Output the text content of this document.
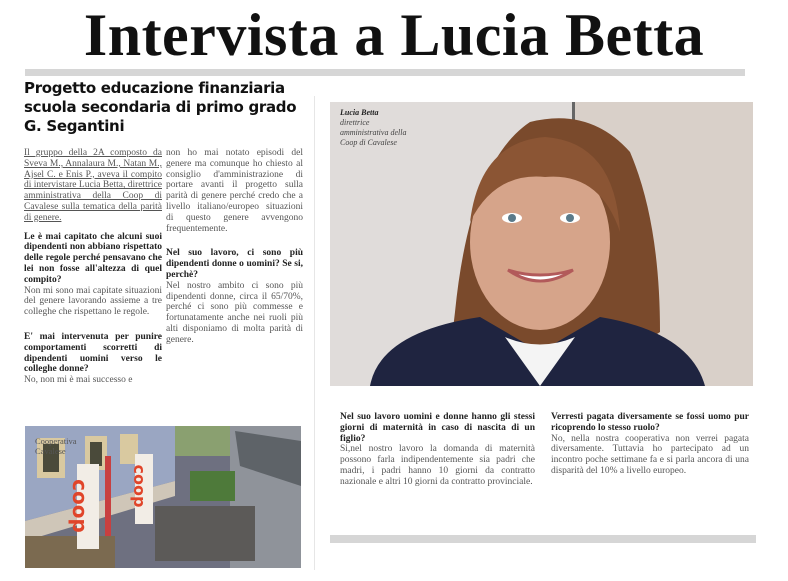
Intervista a Lucia Betta
Progetto educazione finanziaria
scuola secondaria di primo grado
G. Segantini

Il gruppo della 2A composto da Sveva M., Annalaura M., Natan M., Ajsel C. e Enis P., aveva il compito di intervistare Lucia Betta, direttrice amministrativa della Coop di Cavalese sulla tematica della parità di genere.

Le è mai capitato che alcuni suoi dipendenti non abbiano rispettato delle regole perché pensavano che lei non fosse all'altezza di quel compito?

Non mi sono mai capitate situazioni del genere lavorando assieme a tre colleghe che rispettano le regole.

E' mai intervenuta per punire comportamenti scorretti di dipendenti uomini verso le colleghe donne?
No, non mi è mai successo e

non ho mai notato episodi del genere ma comunque ho chiesto al consiglio d'amministrazione di portare avanti il progetto sulla parità di genere perché credo che a livello italiano/europeo situazioni di questo genere avvengono frequentemente.

Nel suo lavoro, ci sono più dipendenti donne o uomini? Se si, perchè?

Nel nostro ambito ci sono più dipendenti donne, circa il 65/70%, perché ci sono più commesse e fortunatamente anche nei ruoli più alti disponiamo di molta parità di genere.

Lucia Betta
direttrice amministrativa della Coop di Cavalese
Nel suo lavoro uomini e donne hanno gli stessi giorni di maternità in caso di nascita di un figlio?

Si,nel nostro lavoro la domanda di maternità possono farla indipendentemente sia padri che madri, i padri hanno 10 giorni da contratto nazionale e altri 10 giorni da contratto provinciale.

Verresti pagata diversamente se fossi uomo pur ricoprendo lo stesso ruolo?

No, nella nostra cooperativa non verrei pagata diversamente. Tuttavia ho partecipato ad un incontro poche settimane fa e si parla ancora di una disparità del 10% a livello europeo.

coop coop
Cooperativa Cavalese
